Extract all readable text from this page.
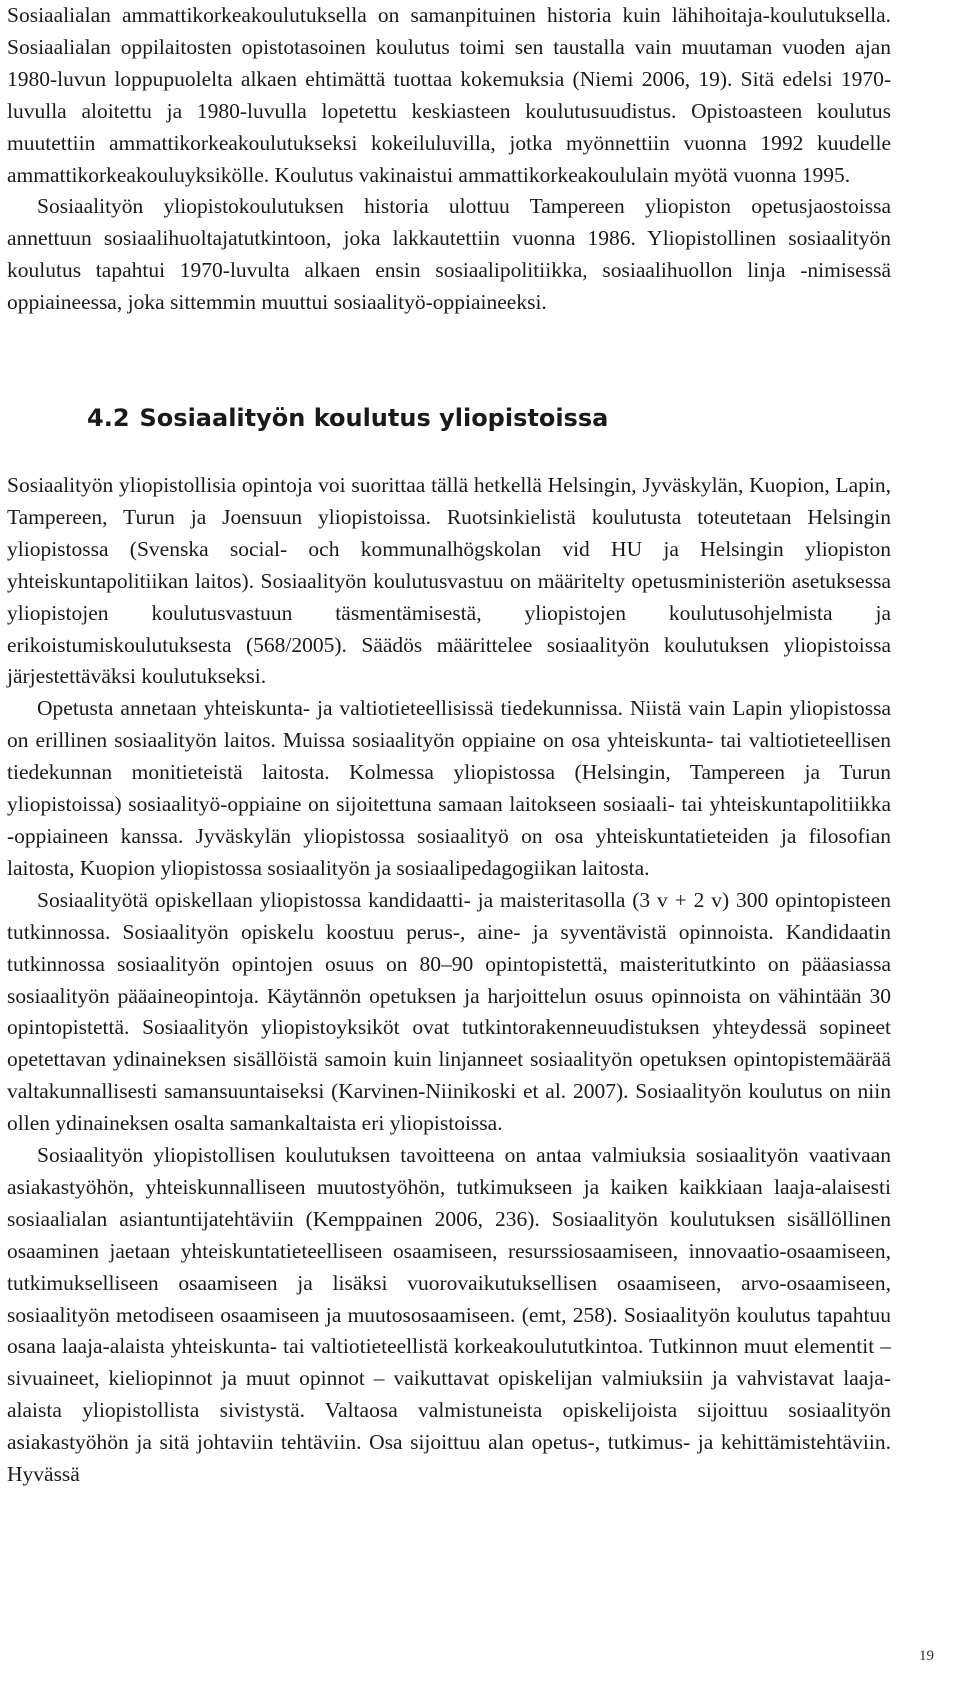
Sosiaalialan ammattikorkeakoulutuksella on samanpituinen historia kuin lähihoitaja-koulutuksella. Sosiaalialan oppilaitosten opistotasoinen koulutus toimi sen taustalla vain muutaman vuoden ajan 1980-luvun loppupuolelta alkaen ehtimättä tuottaa kokemuksia (Niemi 2006, 19). Sitä edelsi 1970-luvulla aloitettu ja 1980-luvulla lopetettu keskiasteen koulutusuudistus. Opistoasteen koulutus muutettiin ammattikorkeakoulutukseksi kokeiluluvilla, jotka myönnettiin vuonna 1992 kuudelle ammattikorkeakouluyksikölle. Koulutus vakinaistui ammattikorkeakoululain myötä vuonna 1995.

Sosiaalityön yliopistokoulutuksen historia ulottuu Tampereen yliopiston opetusjaostoissa annettuun sosiaalihuoltajatutkintoon, joka lakkautettiin vuonna 1986. Yliopistollinen sosiaalityön koulutus tapahtui 1970-luvulta alkaen ensin sosiaalipolitiikka, sosiaalihuollon linja -nimisessä oppiaineessa, joka sittemmin muuttui sosiaalityö-oppiaineeksi.

4.2 Sosiaalityön koulutus yliopistoissa

Sosiaalityön yliopistollisia opintoja voi suorittaa tällä hetkellä Helsingin, Jyväskylän, Kuopion, Lapin, Tampereen, Turun ja Joensuun yliopistoissa. Ruotsinkielistä koulutusta toteutetaan Helsingin yliopistossa (Svenska social- och kommunalhögskolan vid HU ja Helsingin yliopiston yhteiskuntapolitiikan laitos). Sosiaalityön koulutusvastuu on määritelty opetusministeriön asetuksessa yliopistojen koulutusvastuun täsmentämisestä, yliopistojen koulutusohjelmista ja erikoistumiskoulutuksesta (568/2005). Säädös määrittelee sosiaalityön koulutuksen yliopistoissa järjestettäväksi koulutukseksi.

Opetusta annetaan yhteiskunta- ja valtiotieteellisissä tiedekunnissa. Niistä vain Lapin yliopistossa on erillinen sosiaalityön laitos. Muissa sosiaalityön oppiaine on osa yhteiskunta- tai valtiotieteellisen tiedekunnan monitieteistä laitosta. Kolmessa yliopistossa (Helsingin, Tampereen ja Turun yliopistoissa) sosiaalityö-oppiaine on sijoitettuna samaan laitokseen sosiaali- tai yhteiskuntapolitiikka -oppiaineen kanssa. Jyväskylän yliopistossa sosiaalityö on osa yhteiskuntatieteiden ja filosofian laitosta, Kuopion yliopistossa sosiaalityön ja sosiaalipedagogiikan laitosta.

Sosiaalityötä opiskellaan yliopistossa kandidaatti- ja maisteritasolla (3 v + 2 v) 300 opintopisteen tutkinnossa. Sosiaalityön opiskelu koostuu perus-, aine- ja syventävistä opinnoista. Kandidaatin tutkinnossa sosiaalityön opintojen osuus on 80–90 opintopistettä, maisteritutkinto on pääasiassa sosiaalityön pääaineopintoja. Käytännön opetuksen ja harjoittelun osuus opinnoista on vähintään 30 opintopistettä. Sosiaalityön yliopistoyksiköt ovat tutkintorakenneuudistuksen yhteydessä sopineet opetettavan ydinaineksen sisällöistä samoin kuin linjanneet sosiaalityön opetuksen opintopistemäärää valtakunnallisesti samansuuntaiseksi (Karvinen-Niinikoski et al. 2007). Sosiaalityön koulutus on niin ollen ydinaineksen osalta samankaltaista eri yliopistoissa.

Sosiaalityön yliopistollisen koulutuksen tavoitteena on antaa valmiuksia sosiaalityön vaativaan asiakastyöhön, yhteiskunnalliseen muutostyöhön, tutkimukseen ja kaiken kaikkiaan laaja-alaisesti sosiaalialan asiantuntijatehtäviin (Kemppainen 2006, 236). Sosiaalityön koulutuksen sisällöllinen osaaminen jaetaan yhteiskuntatieteelliseen osaamiseen, resurssiosaamiseen, innovaatio-osaamiseen, tutkimukselliseen osaamiseen ja lisäksi vuorovaikutuksellisen osaamiseen, arvo-osaamiseen, sosiaalityön metodiseen osaamiseen ja muutososaamiseen. (emt, 258). Sosiaalityön koulutus tapahtuu osana laaja-alaista yhteiskunta- tai valtiotieteellistä korkeakoulututkintoa. Tutkinnon muut elementit – sivuaineet, kieliopinnot ja muut opinnot – vaikuttavat opiskelijan valmiuksiin ja vahvistavat laaja-alaista yliopistollista sivistystä. Valtaosa valmistuneista opiskelijoista sijoittuu sosiaalityön asiakastyöhön ja sitä johtaviin tehtäviin. Osa sijoittuu alan opetus-, tutkimus- ja kehittämistehtäviin. Hyvässä

19
